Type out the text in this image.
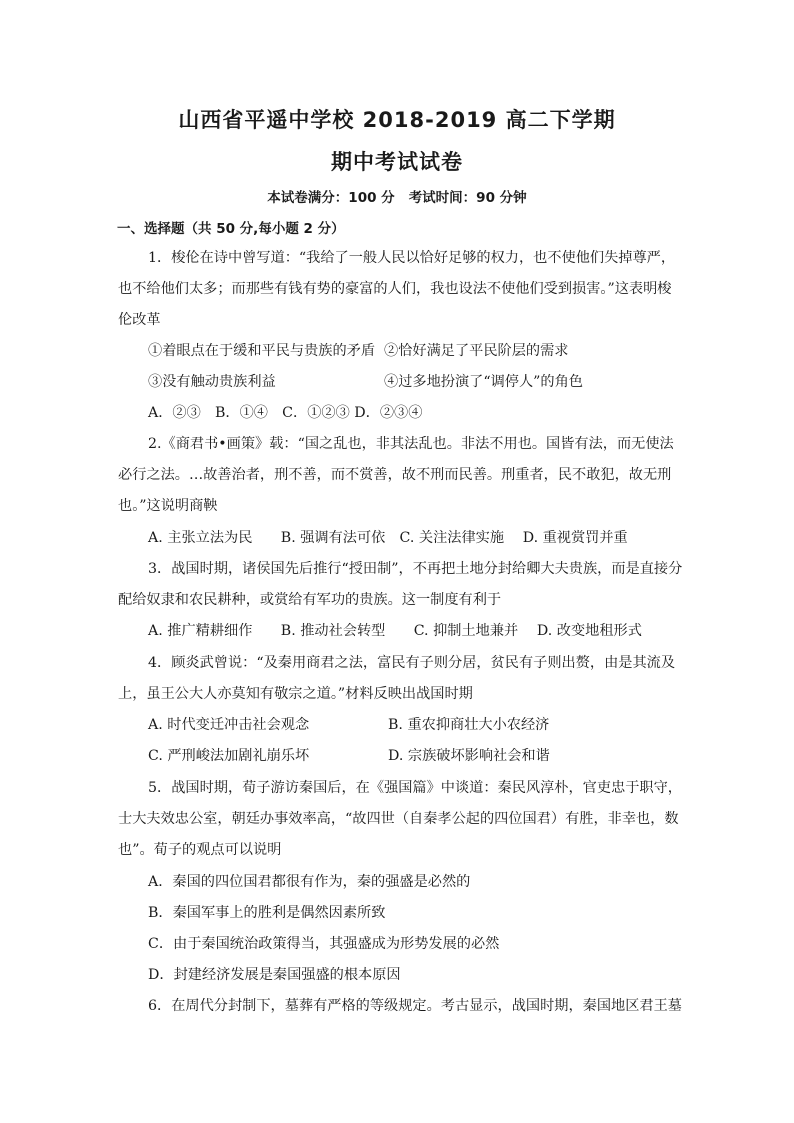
山西省平遥中学校 2018-2019 高二下学期
期中考试试卷
本试卷满分：100 分 考试时间：90 分钟
一、选择题（共 50 分,每小题 2 分）
1．梭伦在诗中曾写道：“我给了一般人民以恰好足够的权力，也不使他们失掉尊严，
也不给他们太多；而那些有钱有势的豪富的人们，我也设法不使他们受到损害。”这表明梭
伦改革
①着眼点在于缓和平民与贵族的矛盾 ②恰好满足了平民阶层的需求
③没有触动贵族利益	④过多地扮演了“调停人”的角色
A．②③　B．①④　C．①②③ D．②③④
2.《商君书•画策》载：“国之乱也，非其法乱也。非法不用也。国皆有法，而无使法
必行之法。…故善治者，刑不善，而不赏善，故不刑而民善。刑重者，民不敢犯，故无刑
也。”这说明商鞅
A. 主张立法为民　　B. 强调有法可依　C. 关注法律实施　 D. 重视赏罚并重
3．战国时期，诸侯国先后推行“授田制”，不再把土地分封给卿大夫贵族，而是直接分
配给奴隶和农民耕种，或赏给有军功的贵族。这一制度有利于
A. 推广精耕细作　　B. 推动社会转型　　C. 抑制土地兼并　 D. 改变地租形式
4．顾炎武曾说：“及秦用商君之法，富民有子则分居，贫民有子则出赘，由是其流及
上，虽王公大人亦莫知有敬宗之道。”材料反映出战国时期
A. 时代变迁冲击社会观念	B. 重农抑商壮大小农经济
C. 严刑峻法加剧礼崩乐坏	D. 宗族破坏影响社会和谐
5．战国时期，荀子游访秦国后，在《强国篇》中谈道：秦民风淳朴，官吏忠于职守，
士大夫效忠公室，朝廷办事效率高，“故四世（自秦孝公起的四位国君）有胜，非幸也，数
也”。荀子的观点可以说明
A．秦国的四位国君都很有作为，秦的强盛是必然的
B．秦国军事上的胜利是偶然因素所致
C．由于秦国统治政策得当，其强盛成为形势发展的必然
D．封建经济发展是秦国强盛的根本原因
6．在周代分封制下，墓葬有严格的等级规定。考古显示，战国时期，秦国地区君王墓
